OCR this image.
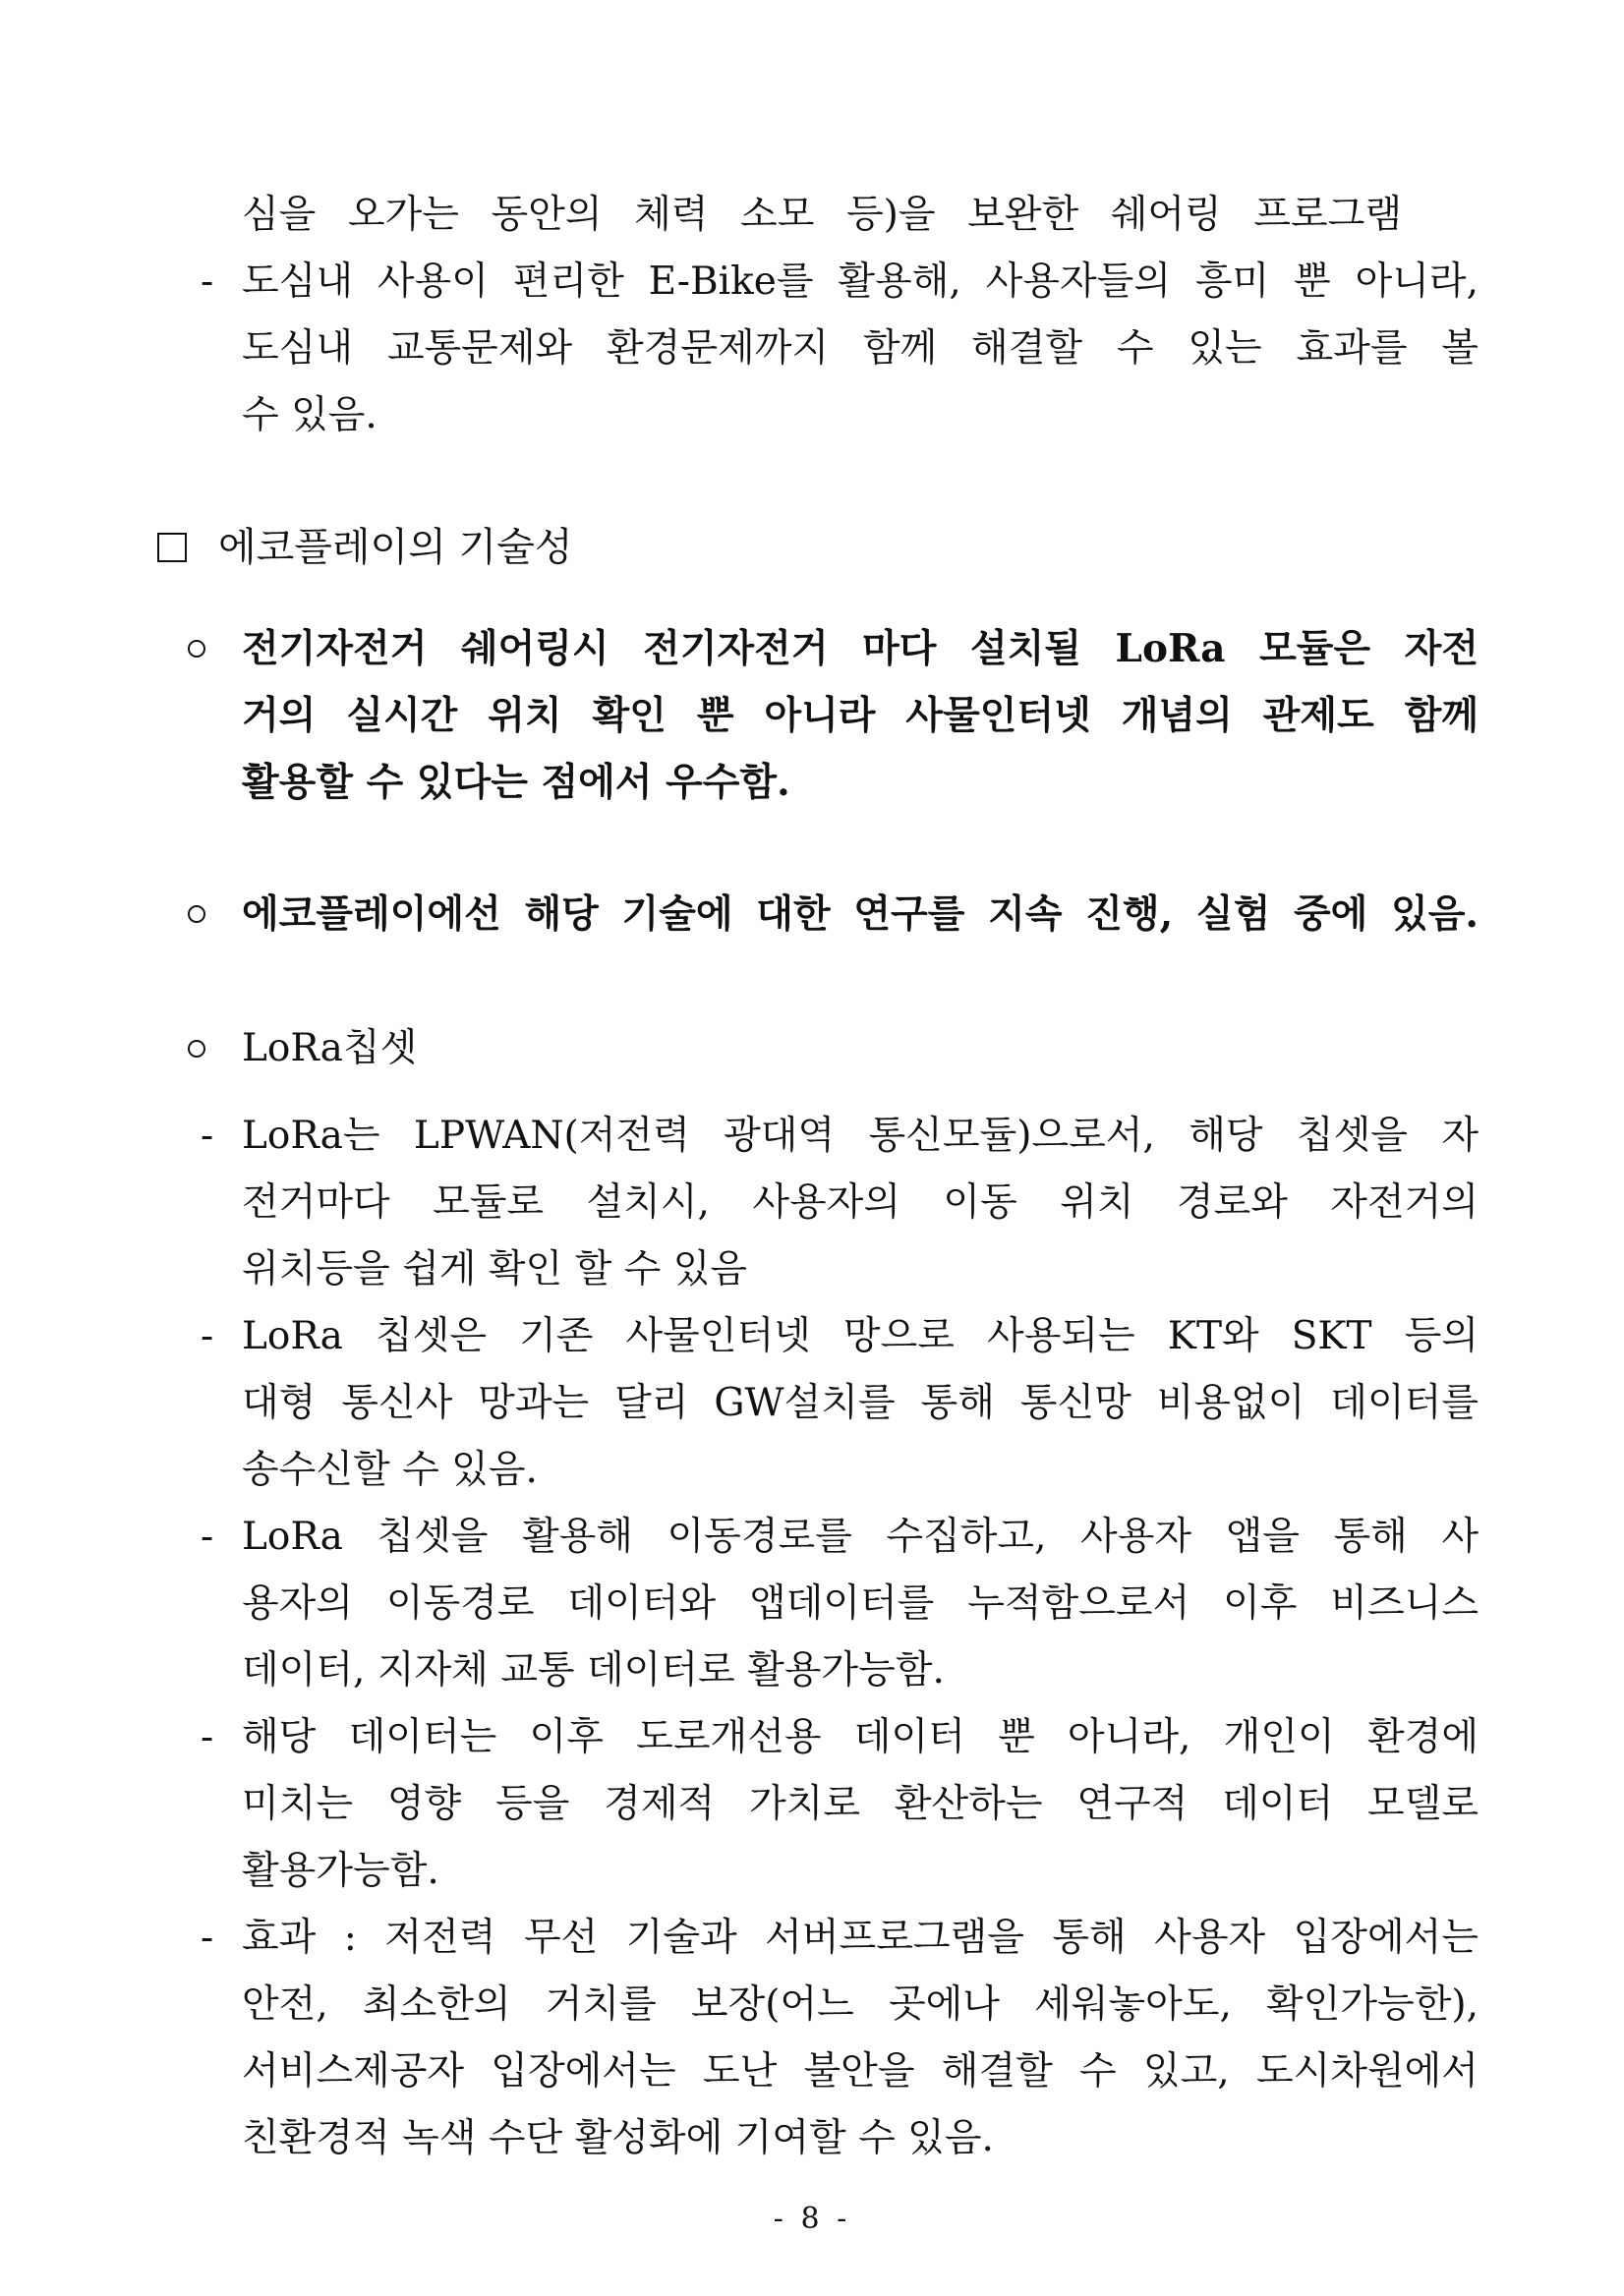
심을 오가는 동안의 체력 소모 등)을 보완한 쉐어링 프로그램
- 도심내 사용이 편리한 E-Bike를 활용해, 사용자들의 흥미 뿐 아니라,
도심내 교통문제와 환경문제까지 함께 해결할 수 있는 효과를 볼
수 있음.
에코플레이의 기술성
전기자전거 쉐어링시 전기자전거 마다 설치될 LoRa 모듈은 자전
거의 실시간 위치 확인 뿐 아니라 사물인터넷 개념의 관제도 함께
활용할 수 있다는 점에서 우수함.
에코플레이에선 해당 기술에 대한 연구를 지속 진행, 실험 중에 있음.
LoRa칩셋
- LoRa는 LPWAN(저전력 광대역 통신모듈)으로서, 해당 칩셋을 자
전거마다 모듈로 설치시, 사용자의 이동 위치 경로와 자전거의
위치등을 쉽게 확인 할 수 있음
- LoRa 칩셋은 기존 사물인터넷 망으로 사용되는 KT와 SKT 등의
대형 통신사 망과는 달리 GW설치를 통해 통신망 비용없이 데이터를
송수신할 수 있음.
- LoRa 칩셋을 활용해 이동경로를 수집하고, 사용자 앱을 통해 사
용자의 이동경로 데이터와 앱데이터를 누적함으로서 이후 비즈니스
데이터, 지자체 교통 데이터로 활용가능함.
- 해당 데이터는 이후 도로개선용 데이터 뿐 아니라, 개인이 환경에
미치는 영향 등을 경제적 가치로 환산하는 연구적 데이터 모델로
활용가능함.
- 효과 : 저전력 무선 기술과 서버프로그램을 통해 사용자 입장에서는
안전, 최소한의 거치를 보장(어느 곳에나 세워놓아도, 확인가능한),
서비스제공자 입장에서는 도난 불안을 해결할 수 있고, 도시차원에서
친환경적 녹색 수단 활성화에 기여할 수 있음.
- 8 -
